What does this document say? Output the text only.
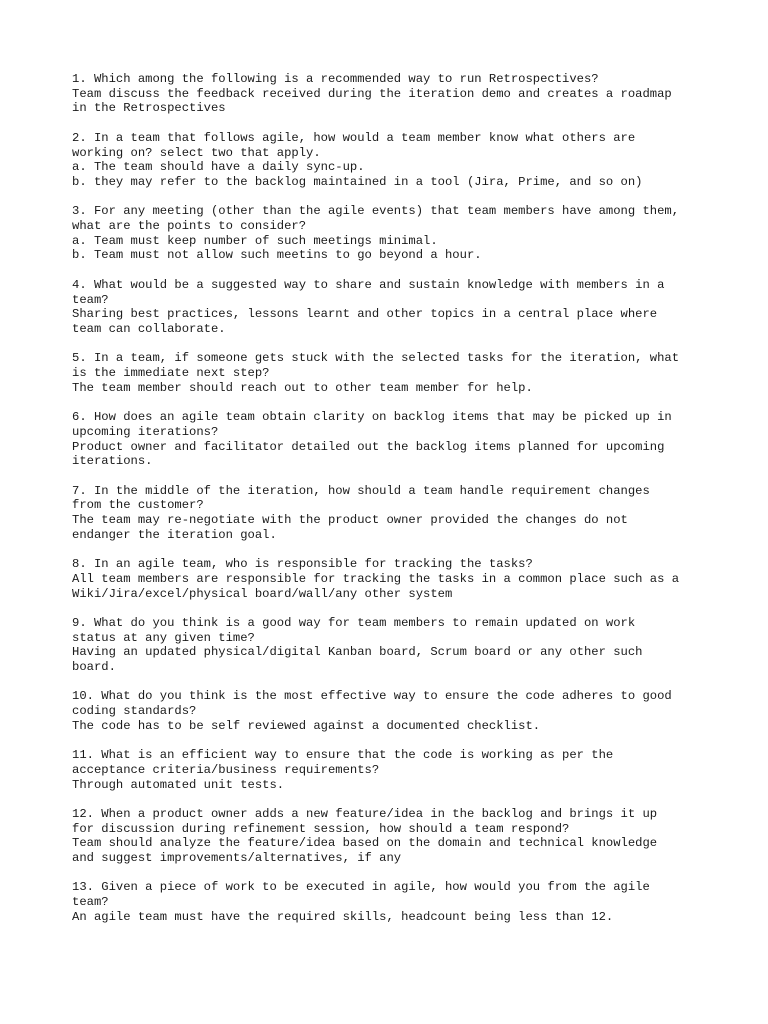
1. Which among the following is a recommended way to run Retrospectives?
Team discuss the feedback received during the iteration demo and creates a roadmap
in the Retrospectives
2. In a team that follows agile, how would a team member know what others are
working on? select two that apply.
a. The team should have a daily sync-up.
b. they may refer to the backlog maintained in a tool (Jira, Prime, and so on)
3. For any meeting (other than the agile events) that team members have among them,
what are the points to consider?
a. Team must keep number of such meetings minimal.
b. Team must not allow such meetins to go beyond a hour.
4. What would be a suggested way to share and sustain knowledge with members in a
team?
Sharing best practices, lessons learnt and other topics in a central place where
team can collaborate.
5. In a team, if someone gets stuck with the selected tasks for the iteration, what
is the immediate next step?
The team member should reach out to other team member for help.
6. How does an agile team obtain clarity on backlog items that may be picked up in
upcoming iterations?
Product owner and facilitator detailed out the backlog items planned for upcoming
iterations.
7. In the middle of the iteration, how should a team handle requirement changes
from the customer?
The team may re-negotiate with the product owner provided the changes do not
endanger the iteration goal.
8. In an agile team, who is responsible for tracking the tasks?
All team members are responsible for tracking the tasks in a common place such as a
Wiki/Jira/excel/physical board/wall/any other system
9. What do you think is a good way for team members to remain updated on work
status at any given time?
Having an updated physical/digital Kanban board, Scrum board or any other such
board.
10. What do you think is the most effective way to ensure the code adheres to good
coding standards?
The code has to be self reviewed against a documented checklist.
11. What is an efficient way to ensure that the code is working as per the
acceptance criteria/business requirements?
Through automated unit tests.
12. When a product owner adds a new feature/idea in the backlog and brings it up
for discussion during refinement session, how should a team respond?
Team should analyze the feature/idea based on the domain and technical knowledge
and suggest improvements/alternatives, if any
13. Given a piece of work to be executed in agile, how would you from the agile
team?
An agile team must have the required skills, headcount being less than 12.
